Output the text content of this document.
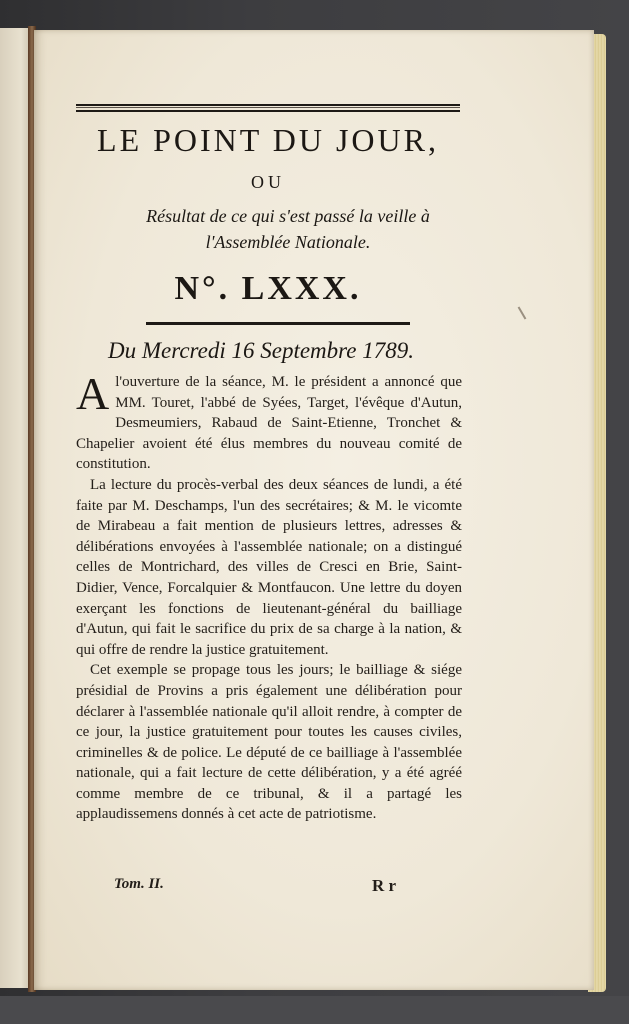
LE POINT DU JOUR,
OU
Résultat de ce qui s'est passé la veille à l'Assemblée Nationale.
N°. LXXX.
Du Mercredi 16 Septembre 1789.

Al'ouverture de la séance, M. le président a annoncé que MM. Touret, l'abbé de Syées, Target, l'évêque d'Autun, Desmeumiers, Rabaud de Saint-Etienne, Tronchet & Chapelier avoient été élus membres du nouveau comité de constitution.

La lecture du procès-verbal des deux séances de lundi, a été faite par M. Deschamps, l'un des secrétaires; & M. le vicomte de Mirabeau a fait mention de plusieurs lettres, adresses & délibérations envoyées à l'assemblée nationale; on a distingué celles de Montrichard, des villes de Cresci en Brie, Saint-Didier, Vence, Forcalquier & Montfaucon. Une lettre du doyen exerçant les fonctions de lieutenant-général du bailliage d'Autun, qui fait le sacrifice du prix de sa charge à la nation, & qui offre de rendre la justice gratuitement.

Cet exemple se propage tous les jours; le bailliage & siége présidial de Provins a pris également une délibération pour déclarer à l'assemblée nationale qu'il alloit rendre, à compter de ce jour, la justice gratuitement pour toutes les causes civiles, criminelles & de police. Le député de ce bailliage à l'assemblée nationale, qui a fait lecture de cette délibération, y a été agréé comme membre de ce tribunal, & il a partagé les applaudissemens donnés à cet acte de patriotisme.

Tom. II.	R r
